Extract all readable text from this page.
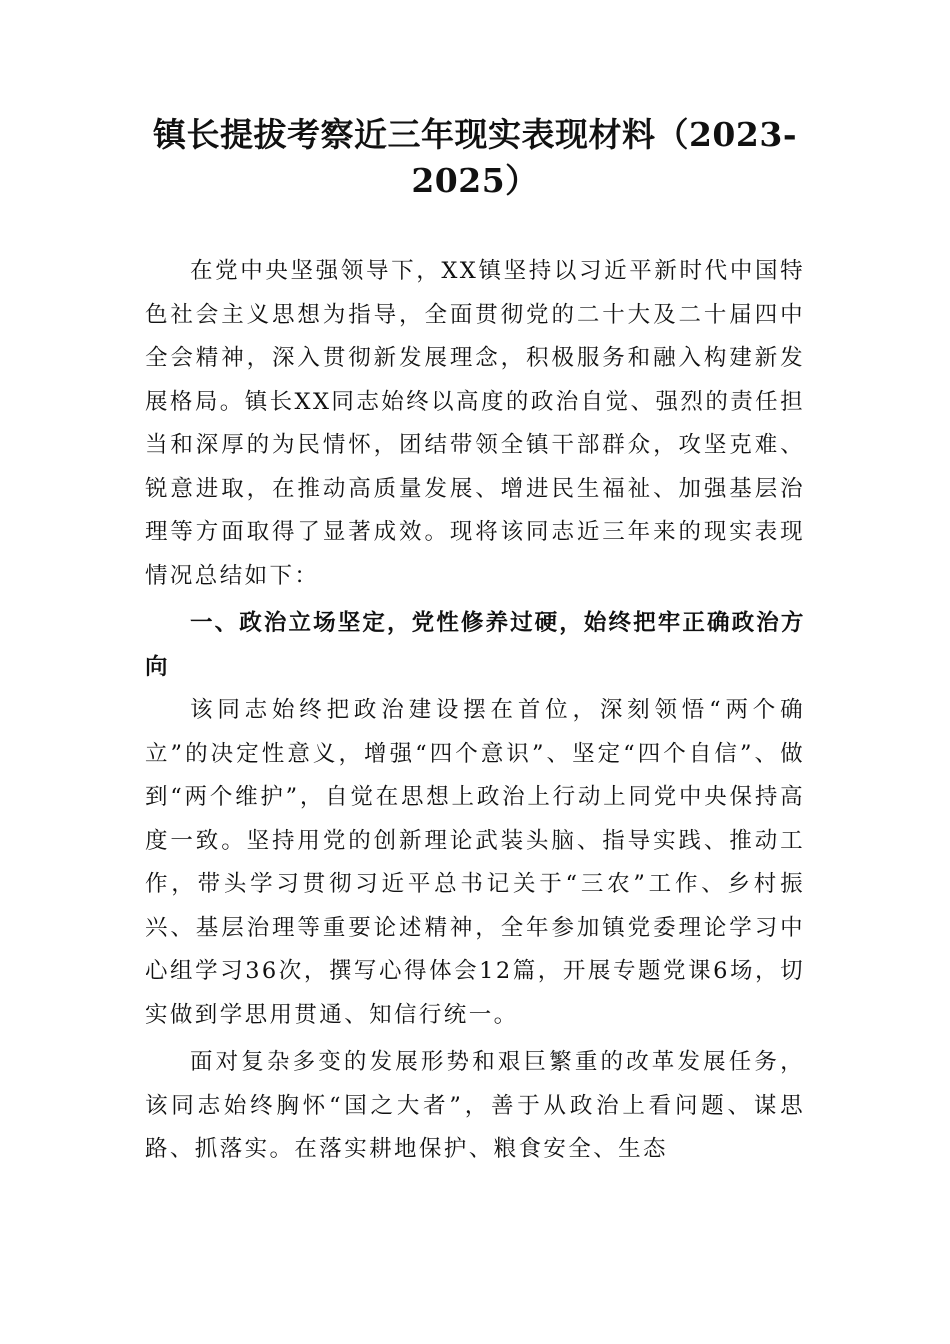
镇长提拔考察近三年现实表现材料（2023-2025）

在党中央坚强领导下，XX镇坚持以习近平新时代中国特色社会主义思想为指导，全面贯彻党的二十大及二十届四中全会精神，深入贯彻新发展理念，积极服务和融入构建新发展格局。镇长XX同志始终以高度的政治自觉、强烈的责任担当和深厚的为民情怀，团结带领全镇干部群众，攻坚克难、锐意进取，在推动高质量发展、增进民生福祉、加强基层治理等方面取得了显著成效。现将该同志近三年来的现实表现情况总结如下：

一、政治立场坚定，党性修养过硬，始终把牢正确政治方向

该同志始终把政治建设摆在首位，深刻领悟“两个确立”的决定性意义，增强“四个意识”、坚定“四个自信”、做到“两个维护”，自觉在思想上政治上行动上同党中央保持高度一致。坚持用党的创新理论武装头脑、指导实践、推动工作，带头学习贯彻习近平总书记关于“三农”工作、乡村振兴、基层治理等重要论述精神，全年参加镇党委理论学习中心组学习36次，撰写心得体会12篇，开展专题党课6场，切实做到学思用贯通、知信行统一。

面对复杂多变的发展形势和艰巨繁重的改革发展任务，该同志始终胸怀“国之大者”，善于从政治上看问题、谋思路、抓落实。在落实耕地保护、粮食安全、生态
